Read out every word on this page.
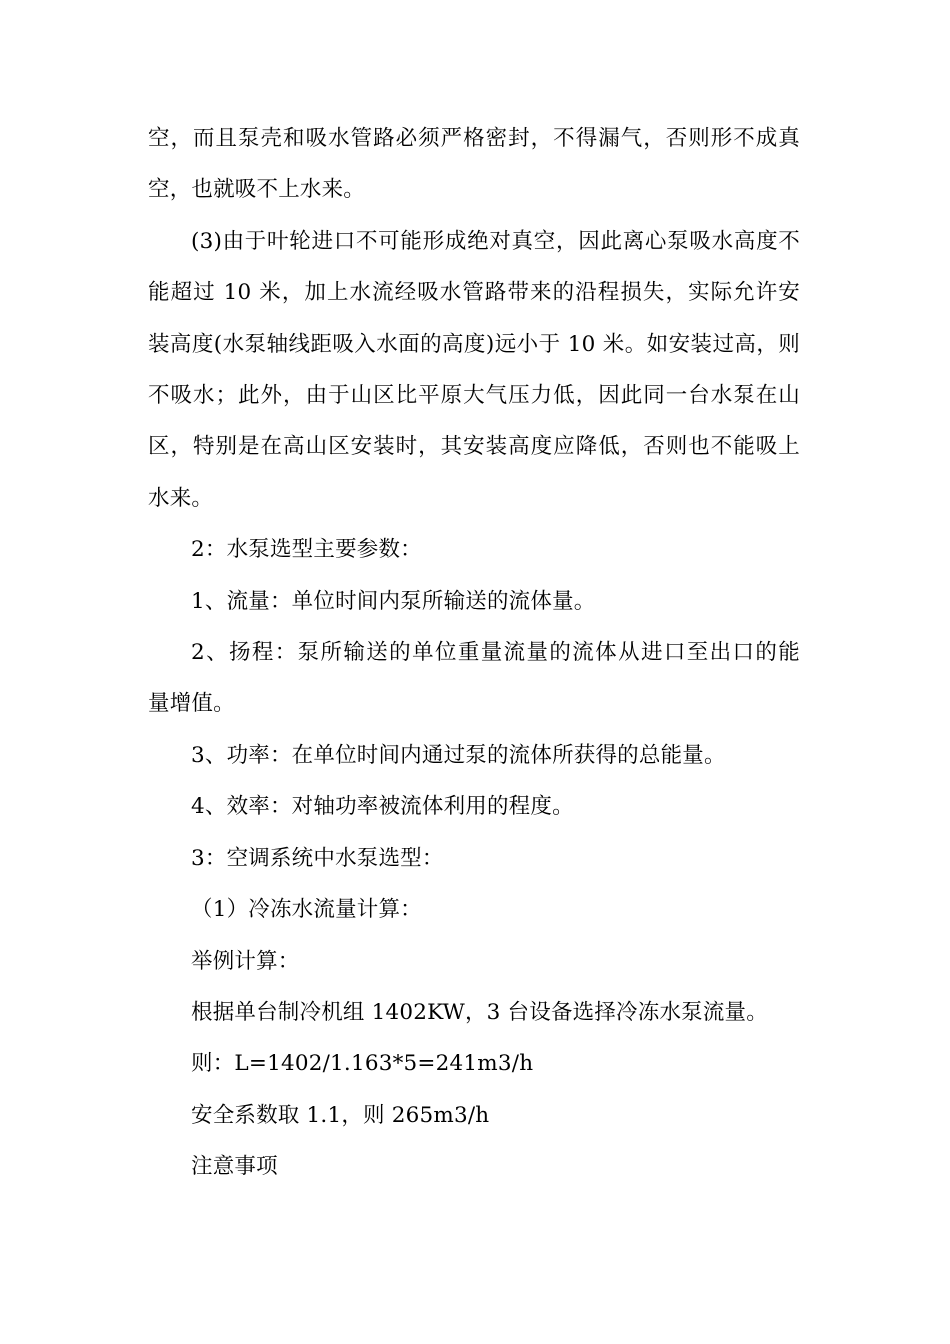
空，而且泵壳和吸水管路必须严格密封，不得漏气，否则形不成真
空，也就吸不上水来。

(3)由于叶轮进口不可能形成绝对真空，因此离心泵吸水高度不
能超过 10 米，加上水流经吸水管路带来的沿程损失，实际允许安
装高度(水泵轴线距吸入水面的高度)远小于 10 米。如安装过高，则
不吸水；此外，由于山区比平原大气压力低，因此同一台水泵在山
区，特别是在高山区安装时，其安装高度应降低，否则也不能吸上
水来。

2：水泵选型主要参数：

1、流量：单位时间内泵所输送的流体量。

2、扬程：泵所输送的单位重量流量的流体从进口至出口的能
量增值。

3、功率：在单位时间内通过泵的流体所获得的总能量。

4、效率：对轴功率被流体利用的程度。

3：空调系统中水泵选型：

（1）冷冻水流量计算：

举例计算：

根据单台制冷机组 1402KW，3 台设备选择冷冻水泵流量。

则：L=1402/1.163*5=241m3/h

安全系数取 1.1，则 265m3/h

注意事项
